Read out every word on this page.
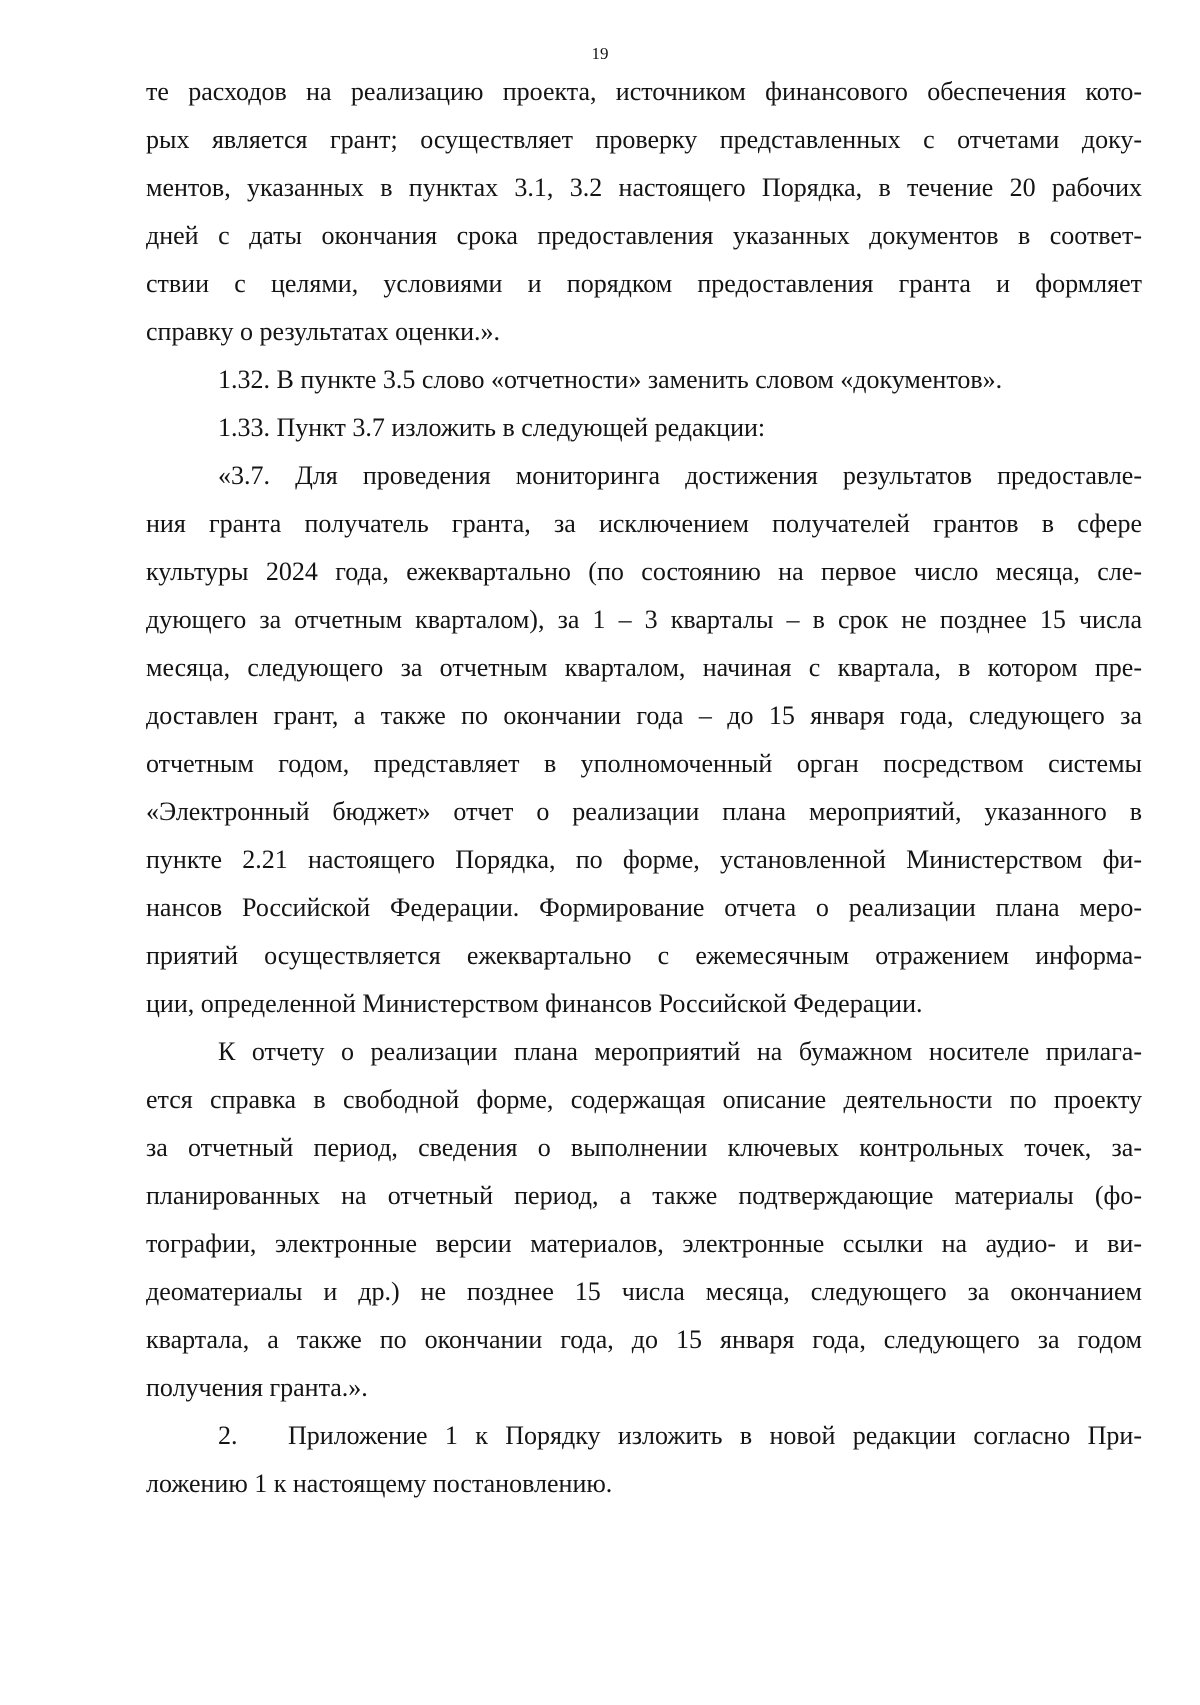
19
те расходов на реализацию проекта, источником финансового обеспечения кото-
рых является грант; осуществляет проверку представленных с отчетами доку-
ментов, указанных в пунктах 3.1, 3.2 настоящего Порядка, в течение 20 рабочих
дней с даты окончания срока предоставления указанных документов в соответ-
ствии с целями, условиями и порядком предоставления гранта и формляет
справку о результатах оценки.».
1.32. В пункте 3.5 слово «отчетности» заменить словом «документов».
1.33. Пункт 3.7 изложить в следующей редакции:
«3.7. Для проведения мониторинга достижения результатов предоставле-
ния гранта получатель гранта, за исключением получателей грантов в сфере
культуры 2024 года, ежеквартально (по состоянию на первое число месяца, сле-
дующего за отчетным кварталом), за 1 – 3 кварталы – в срок не позднее 15 числа
месяца, следующего за отчетным кварталом, начиная с квартала, в котором пре-
доставлен грант, а также по окончании года – до 15 января года, следующего за
отчетным годом, представляет в уполномоченный орган посредством системы
«Электронный бюджет» отчет о реализации плана мероприятий, указанного в
пункте 2.21 настоящего Порядка, по форме, установленной Министерством фи-
нансов Российской Федерации. Формирование отчета о реализации плана меро-
приятий осуществляется ежеквартально с ежемесячным отражением информа-
ции, определенной Министерством финансов Российской Федерации.
К отчету о реализации плана мероприятий на бумажном носителе прилага-
ется справка в свободной форме, содержащая описание деятельности по проекту
за отчетный период, сведения о выполнении ключевых контрольных точек, за-
планированных на отчетный период, а также подтверждающие материалы (фо-
тографии, электронные версии материалов, электронные ссылки на аудио- и ви-
деоматериалы и др.) не позднее 15 числа месяца, следующего за окончанием
квартала, а также по окончании года, до 15 января года, следующего за годом
получения гранта.».
2.	Приложение 1 к Порядку изложить в новой редакции согласно При-
ложению 1 к настоящему постановлению.
